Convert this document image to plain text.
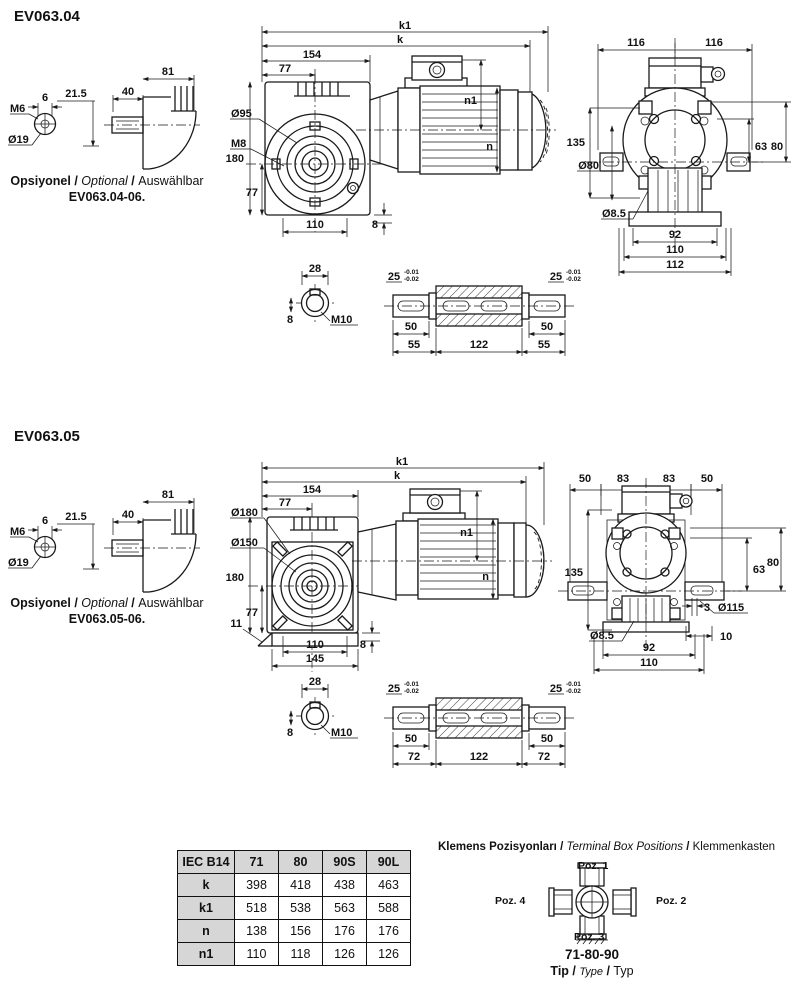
EV063.04
M6
6
Ø19
21.5	40
81
k1
k
154
77
Ø95
M8
180
77
110	8
n1
n
116	116
135
Ø80
Ø8.5
63 80
92
110
112
28
8	M10
25 -0.01
-0.02	25 -0.01
-0.02
50	50
55	122	55
Opsiyonel / Optional / Auswählbar
EV063.04-06.
EV063.05
M6
6
Ø19
21.5	40
81
k1
k
154
77
Ø180
Ø150
180
77
11
110	8
145
n1
n
50 83	83 50
135
Ø8.5
63
80
3 Ø115
10
92
110
28
8	M10
25 -0.01
-0.02	25 -0.01
-0.02
50	50
72	122	72
Opsiyonel / Optional / Auswählbar
EV063.05-06.
IEC B14	71	80	90S	90L
k	398	418	438	463
k1	518	538	563	588
n	138	156	176	176
n1	110	118	126	126
Klemens Pozisyonları / Terminal Box Positions / Klemmenkasten
Poz. 1
Poz. 2
Poz. 3
Poz. 4
71-80-90
Tip / Type / Typ
